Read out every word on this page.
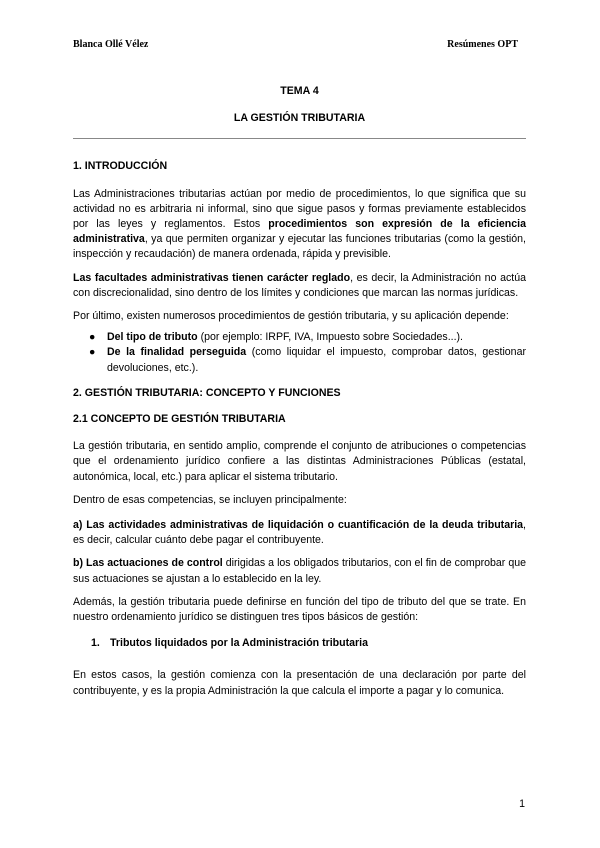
Blanca Ollé Vélez	Resúmenes OPT
TEMA 4
LA GESTIÓN TRIBUTARIA
1. INTRODUCCIÓN

Las Administraciones tributarias actúan por medio de procedimientos, lo que significa que su actividad no es arbitraria ni informal, sino que sigue pasos y formas previamente establecidos por las leyes y reglamentos. Estos procedimientos son expresión de la eficiencia administrativa, ya que permiten organizar y ejecutar las funciones tributarias (como la gestión, inspección y recaudación) de manera ordenada, rápida y previsible.

Las facultades administrativas tienen carácter reglado, es decir, la Administración no actúa con discrecionalidad, sino dentro de los límites y condiciones que marcan las normas jurídicas.

Por último, existen numerosos procedimientos de gestión tributaria, y su aplicación depende:

● Del tipo de tributo (por ejemplo: IRPF, IVA, Impuesto sobre Sociedades...).
● De la finalidad perseguida (como liquidar el impuesto, comprobar datos, gestionar devoluciones, etc.).
2. GESTIÓN TRIBUTARIA: CONCEPTO Y FUNCIONES
2.1 CONCEPTO DE GESTIÓN TRIBUTARIA

La gestión tributaria, en sentido amplio, comprende el conjunto de atribuciones o competencias que el ordenamiento jurídico confiere a las distintas Administraciones Públicas (estatal, autonómica, local, etc.) para aplicar el sistema tributario.

Dentro de esas competencias, se incluyen principalmente:

a) Las actividades administrativas de liquidación o cuantificación de la deuda tributaria, es decir, calcular cuánto debe pagar el contribuyente.

b) Las actuaciones de control dirigidas a los obligados tributarios, con el fin de comprobar que sus actuaciones se ajustan a lo establecido en la ley.

Además, la gestión tributaria puede definirse en función del tipo de tributo del que se trate. En nuestro ordenamiento jurídico se distinguen tres tipos básicos de gestión:

1. Tributos liquidados por la Administración tributaria

En estos casos, la gestión comienza con la presentación de una declaración por parte del contribuyente, y es la propia Administración la que calcula el importe a pagar y lo comunica.

1
